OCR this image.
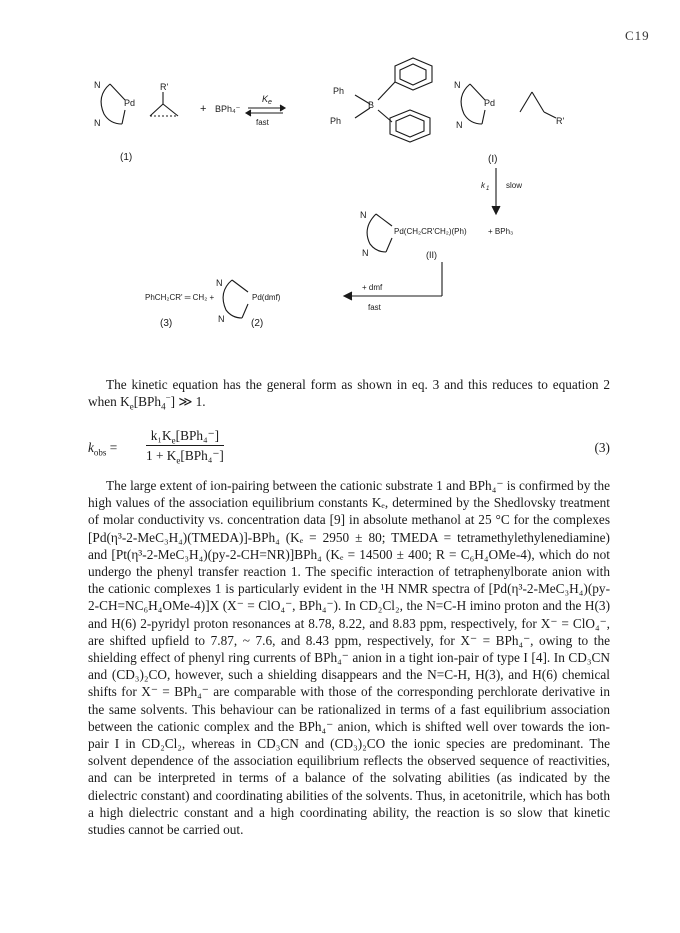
C19
N
N
Pd
R'
(1)
+ BPh₄⁻
K e
fast
Ph
Ph
B
N
N
Pd
R'
(I)
k 1 slow
N
N
Pd(CH₂CR'CH₂)(Ph)	+ BPh₃
(II)
+ dmf
fast
N
N
Pd(dmf)
PhCH₂CR' ═ CH₂ +
(3)	(2)

The kinetic equation has the general form as shown in eq. 3 and this reduces to equation 2 when $K_e[BPh_4^-]$ ≫ 1.

$k_{obs}$ =
$k_1K_e[BPh_4^-]$
$1 + K_e[BPh_4^-]$
(3)

The large extent of ion-pairing between the cationic substrate 1 and BPh₄⁻ is confirmed by the high values of the association equilibrium constants Kₑ, determined by the Shedlovsky treatment of molar conductivity vs. concentration data [9] in absolute methanol at 25 °C for the complexes [Pd(η³-2-MeC₃H₄)(TMEDA)]-BPh₄ (Kₑ = 2950 ± 80; TMEDA = tetramethylethylenediamine) and [Pt(η³-2-MeC₃H₄)(py-2-CH=NR)]BPh₄ (Kₑ = 14500 ± 400; R = C₆H₄OMe-4), which do not undergo the phenyl transfer reaction 1. The specific interaction of tetraphenylborate anion with the cationic complexes 1 is particularly evident in the ¹H NMR spectra of [Pd(η³-2-MeC₃H₄)(py-2-CH=NC₆H₄OMe-4)]X (X⁻ = ClO₄⁻, BPh₄⁻). In CD₂Cl₂, the N=C-H imino proton and the H(3) and H(6) 2-pyridyl proton resonances at 8.78, 8.22, and 8.83 ppm, respectively, for X⁻ = ClO₄⁻, are shifted upfield to 7.87, ~ 7.6, and 8.43 ppm, respectively, for X⁻ = BPh₄⁻, owing to the shielding effect of phenyl ring currents of BPh₄⁻ anion in a tight ion-pair of type I [4]. In CD₃CN and (CD₃)₂CO, however, such a shielding disappears and the N=C-H, H(3), and H(6) chemical shifts for X⁻ = BPh₄⁻ are comparable with those of the corresponding perchlorate derivative in the same solvents. This behaviour can be rationalized in terms of a fast equilibrium association between the cationic complex and the BPh₄⁻ anion, which is shifted well over towards the ion-pair I in CD₂Cl₂, whereas in CD₃CN and (CD₃)₂CO the ionic species are predominant. The solvent dependence of the association equilibrium reflects the observed sequence of reactivities, and can be interpreted in terms of a balance of the solvating abilities (as indicated by the dielectric constant) and coordinating abilities of the solvents. Thus, in acetonitrile, which has both a high dielectric constant and a high coordinating ability, the reaction is so slow that kinetic studies cannot be carried out.
